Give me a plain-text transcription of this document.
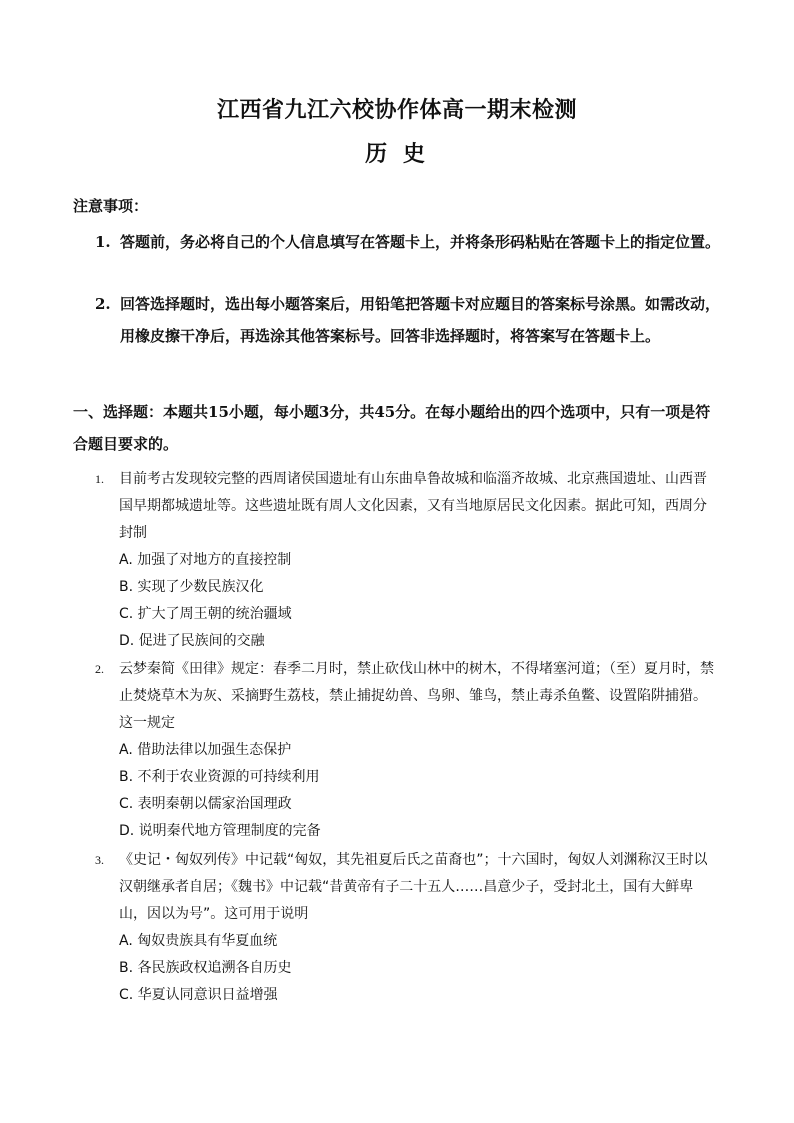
江西省九江六校协作体高一期末检测
历 史
注意事项：
1. 答题前，务必将自己的个人信息填写在答题卡上，并将条形码粘贴在答题卡上的指定位置。
2. 回答选择题时，选出每小题答案后，用铅笔把答题卡对应题目的答案标号涂黑。如需改动，用橡皮擦干净后，再选涂其他答案标号。回答非选择题时，将答案写在答题卡上。
一、选择题：本题共15小题，每小题3分，共45分。在每小题给出的四个选项中，只有一项是符合题目要求的。
1. 目前考古发现较完整的西周诸侯国遗址有山东曲阜鲁故城和临淄齐故城、北京燕国遗址、山西晋国早期都城遗址等。这些遗址既有周人文化因素，又有当地原居民文化因素。据此可知，西周分封制
A. 加强了对地方的直接控制
B. 实现了少数民族汉化
C. 扩大了周王朝的统治疆域
D. 促进了民族间的交融
2. 云梦秦简《田律》规定：春季二月时，禁止砍伐山林中的树木，不得堵塞河道；（至）夏月时，禁止焚烧草木为灰、采摘野生荔枝，禁止捕捉幼兽、鸟卵、雏鸟，禁止毒杀鱼鳖、设置陷阱捕猎。这一规定
A. 借助法律以加强生态保护
B. 不利于农业资源的可持续利用
C. 表明秦朝以儒家治国理政
D. 说明秦代地方管理制度的完备
3. 《史记・匈奴列传》中记载“匈奴，其先祖夏后氏之苗裔也”；十六国时，匈奴人刘渊称汉王时以汉朝继承者自居；《魏书》中记载“昔黄帝有子二十五人……昌意少子，受封北土，国有大鲜卑山，因以为号”。这可用于说明
A. 匈奴贵族具有华夏血统
B. 各民族政权追溯各自历史
C. 华夏认同意识日益增强
